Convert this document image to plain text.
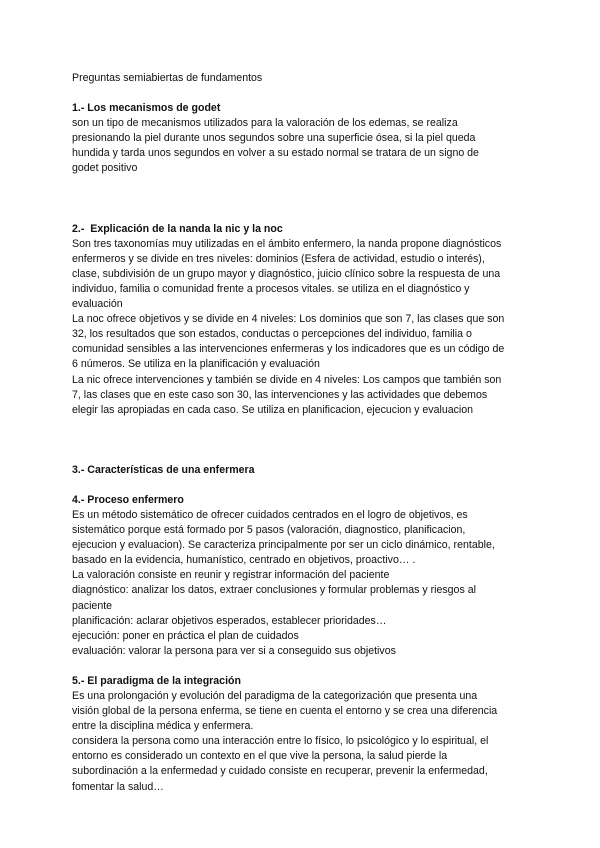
Preguntas semiabiertas de fundamentos
1.- Los mecanismos de godet
son un tipo de mecanismos utilizados para la valoración de los edemas, se realiza
presionando la piel durante unos segundos sobre una superficie ósea, si la piel queda
hundida y tarda unos segundos en volver a su estado normal se tratara de un signo de
godet positivo
2.-  Explicación de la nanda la nic y la noc
Son tres taxonomías muy utilizadas en el ámbito enfermero, la nanda propone diagnósticos
enfermeros y se divide en tres niveles: dominios (Esfera de actividad, estudio o interés),
clase, subdivisión de un grupo mayor y diagnóstico, juicio clínico sobre la respuesta de una
individuo, familia o comunidad frente a procesos vitales. se utiliza en el diagnóstico y
evaluación
La noc ofrece objetivos y se divide en 4 niveles: Los dominios que son 7, las clases que son
32, los resultados que son estados, conductas o percepciones del individuo, familia o
comunidad sensibles a las intervenciones enfermeras y los indicadores que es un código de
6 números. Se utiliza en la planificación y evaluación
La nic ofrece intervenciones y también se divide en 4 niveles: Los campos que también son
7, las clases que en este caso son 30, las intervenciones y las actividades que debemos
elegir las apropiadas en cada caso. Se utiliza en planificacion, ejecucion y evaluacion
3.- Características de una enfermera
4.- Proceso enfermero
Es un método sistemático de ofrecer cuidados centrados en el logro de objetivos, es
sistemático porque está formado por 5 pasos (valoración, diagnostico, planificacion,
ejecucion y evaluacion). Se caracteriza principalmente por ser un ciclo dinámico, rentable,
basado en la evidencia, humanístico, centrado en objetivos, proactivo… .
La valoración consiste en reunir y registrar información del paciente
diagnóstico: analizar los datos, extraer conclusiones y formular problemas y riesgos al
paciente
planificación: aclarar objetivos esperados, establecer prioridades…
ejecución: poner en práctica el plan de cuidados
evaluación: valorar la persona para ver si a conseguido sus objetivos
5.- El paradigma de la integración
Es una prolongación y evolución del paradigma de la categorización que presenta una
visión global de la persona enferma, se tiene en cuenta el entorno y se crea una diferencia
entre la disciplina médica y enfermera.
considera la persona como una interacción entre lo físico, lo psicológico y lo espiritual, el
entorno es considerado un contexto en el que vive la persona, la salud pierde la
subordinación a la enfermedad y cuidado consiste en recuperar, prevenir la enfermedad,
fomentar la salud…
